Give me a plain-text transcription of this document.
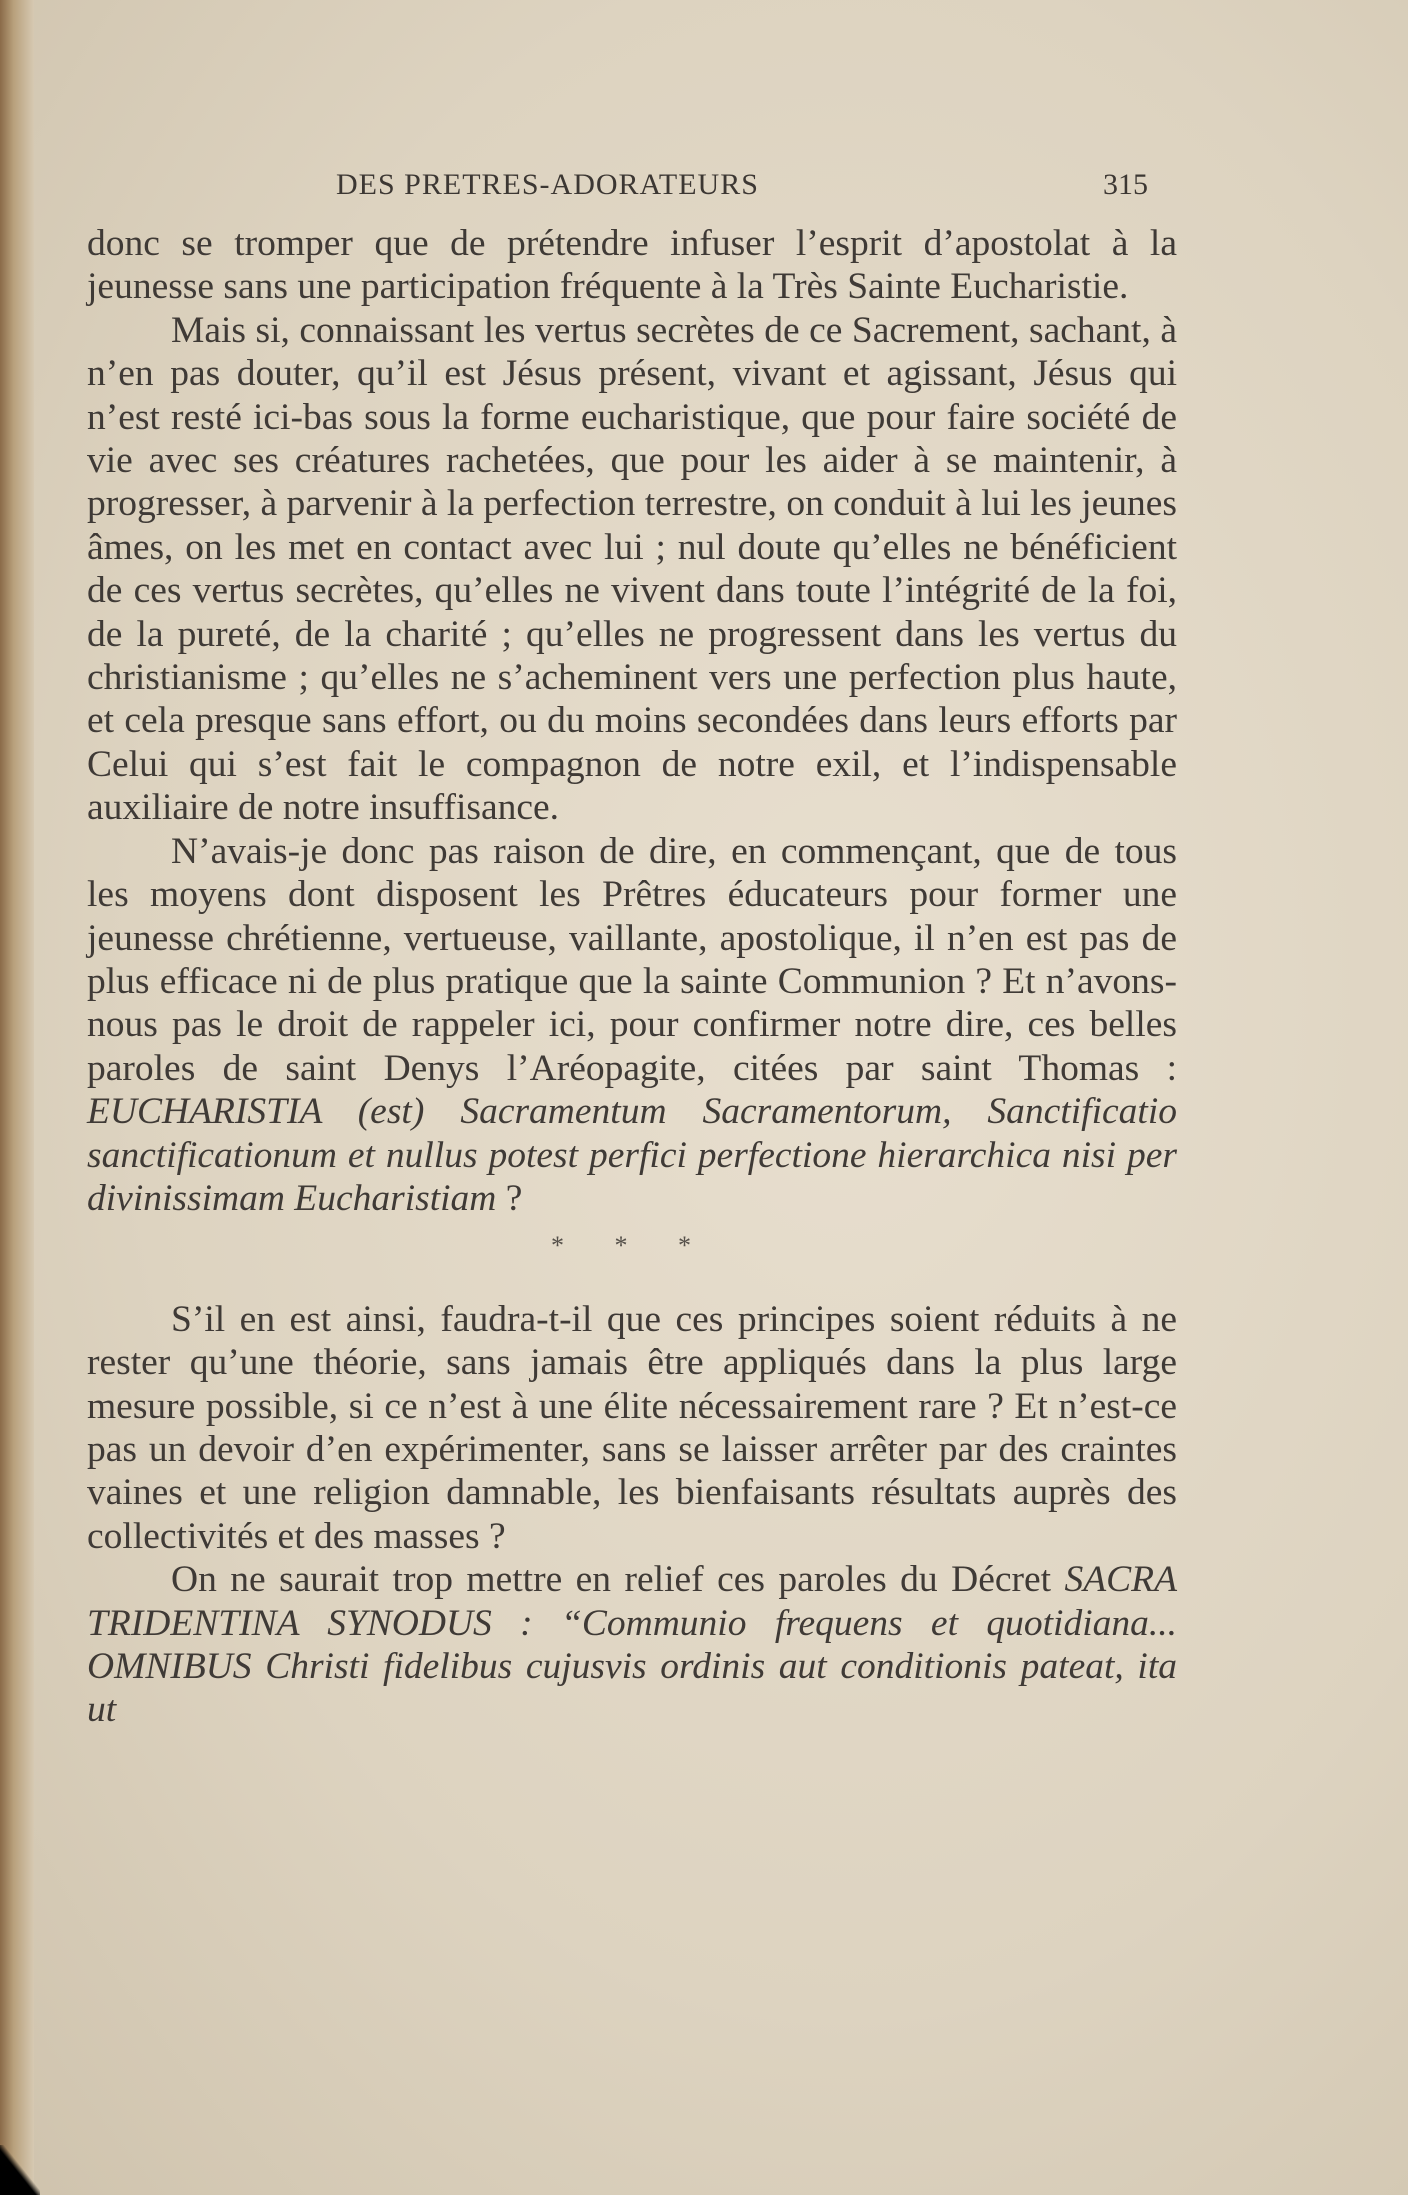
DES PRETRES-ADORATEURS	315

donc se tromper que de prétendre infuser l’esprit d’apostolat à la jeunesse sans une participation fréquente à la Très Sainte Eucharistie.

Mais si, connaissant les vertus secrètes de ce Sacrement, sachant, à n’en pas douter, qu’il est Jésus présent, vivant et agissant, Jésus qui n’est resté ici-bas sous la forme eucharistique, que pour faire société de vie avec ses créatures rachetées, que pour les aider à se maintenir, à progresser, à parvenir à la perfection terrestre, on conduit à lui les jeunes âmes, on les met en contact avec lui ; nul doute qu’elles ne bénéficient de ces vertus secrètes, qu’elles ne vivent dans toute l’intégrité de la foi, de la pureté, de la charité ; qu’elles ne progressent dans les vertus du christianisme ; qu’elles ne s’acheminent vers une perfection plus haute, et cela presque sans effort, ou du moins secondées dans leurs efforts par Celui qui s’est fait le compagnon de notre exil, et l’indispensable auxiliaire de notre insuffisance.

N’avais-je donc pas raison de dire, en commençant, que de tous les moyens dont disposent les Prêtres éducateurs pour former une jeunesse chrétienne, vertueuse, vaillante, apostolique, il n’en est pas de plus efficace ni de plus pratique que la sainte Communion ? Et n’avons-nous pas le droit de rappeler ici, pour confirmer notre dire, ces belles paroles de saint Denys l’Aréopagite, citées par saint Thomas : EUCHARISTIA (est) Sacramentum Sacramentorum, Sanctificatio sanctificationum et nullus potest perfici perfectione hierarchica nisi per divinissimam Eucharistiam ?

* * *

S’il en est ainsi, faudra-t-il que ces principes soient réduits à ne rester qu’une théorie, sans jamais être appliqués dans la plus large mesure possible, si ce n’est à une élite nécessairement rare ? Et n’est-ce pas un devoir d’en expérimenter, sans se laisser arrêter par des craintes vaines et une religion damnable, les bienfaisants résultats auprès des collectivités et des masses ?

On ne saurait trop mettre en relief ces paroles du Décret SACRA TRIDENTINA SYNODUS : “Communio frequens et quotidiana... OMNIBUS Christi fidelibus cujusvis ordinis aut conditionis pateat, ita ut
